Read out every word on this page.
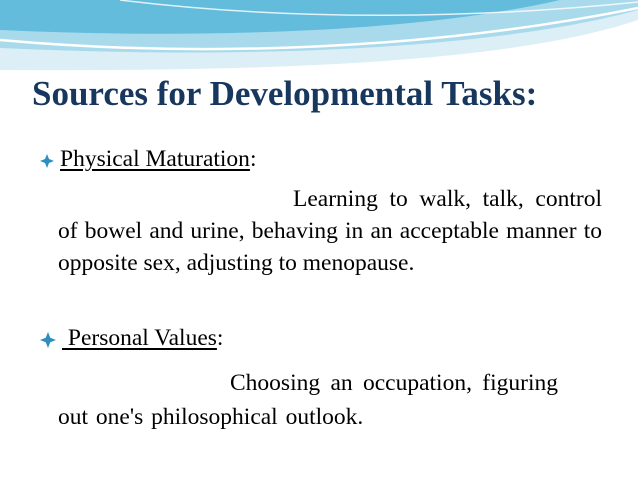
Sources for Developmental Tasks:
Physical Maturation:
Learning to walk, talk, control of bowel and urine, behaving in an acceptable manner to opposite sex, adjusting to menopause.
Personal Values:
Choosing an occupation, figuring out one's philosophical outlook.
